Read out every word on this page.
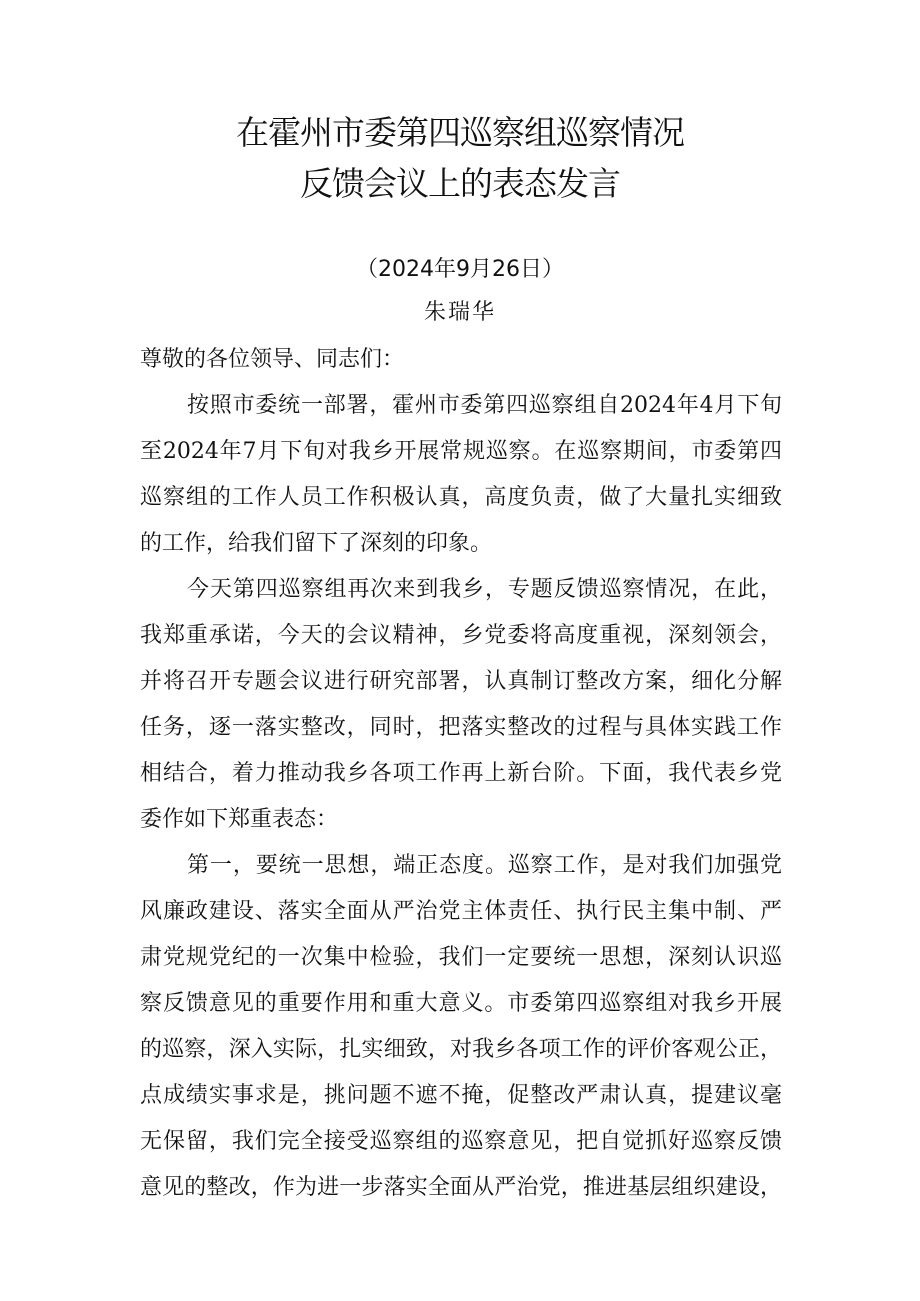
在霍州市委第四巡察组巡察情况
反馈会议上的表态发言
（2024年9月26日）
朱瑞华
尊敬的各位领导、同志们：
按照市委统一部署，霍州市委第四巡察组自2024年4月下旬
至2024年7月下旬对我乡开展常规巡察。在巡察期间，市委第四
巡察组的工作人员工作积极认真，高度负责，做了大量扎实细致
的工作，给我们留下了深刻的印象。
今天第四巡察组再次来到我乡，专题反馈巡察情况，在此，
我郑重承诺，今天的会议精神，乡党委将高度重视，深刻领会，
并将召开专题会议进行研究部署，认真制订整改方案，细化分解
任务，逐一落实整改，同时，把落实整改的过程与具体实践工作
相结合，着力推动我乡各项工作再上新台阶。下面，我代表乡党
委作如下郑重表态：
第一，要统一思想，端正态度。巡察工作，是对我们加强党
风廉政建设、落实全面从严治党主体责任、执行民主集中制、严
肃党规党纪的一次集中检验，我们一定要统一思想，深刻认识巡
察反馈意见的重要作用和重大意义。市委第四巡察组对我乡开展
的巡察，深入实际，扎实细致，对我乡各项工作的评价客观公正，
点成绩实事求是，挑问题不遮不掩，促整改严肃认真，提建议毫
无保留，我们完全接受巡察组的巡察意见，把自觉抓好巡察反馈
意见的整改，作为进一步落实全面从严治党，推进基层组织建设，
